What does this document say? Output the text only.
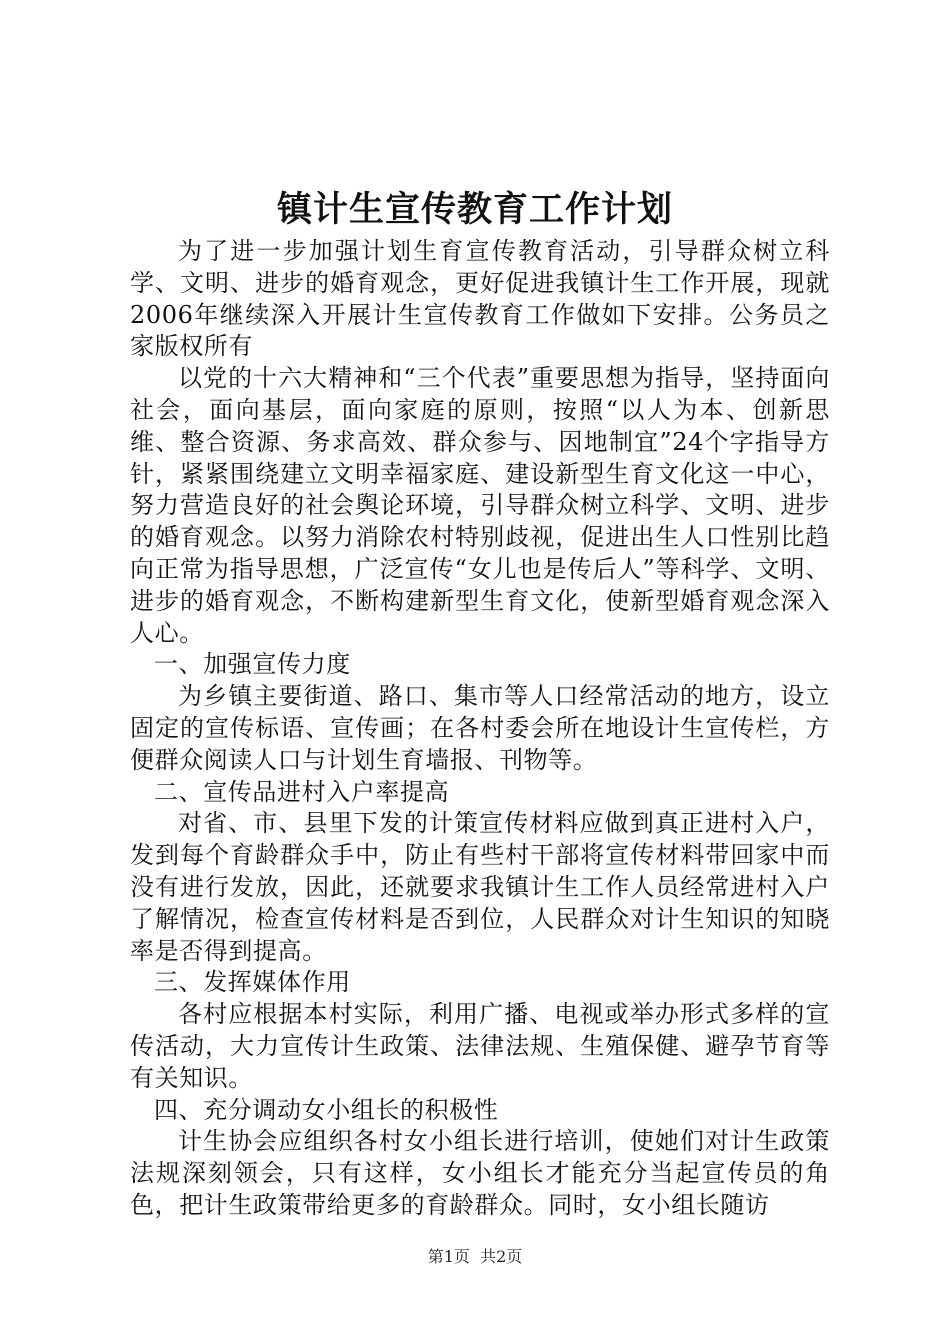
镇计生宣传教育工作计划

为了进一步加强计划生育宣传教育活动，引导群众树立科学、文明、进步的婚育观念，更好促进我镇计生工作开展，现就2006年继续深入开展计生宣传教育工作做如下安排。公务员之家版权所有

以党的十六大精神和“三个代表”重要思想为指导，坚持面向社会，面向基层，面向家庭的原则，按照“以人为本、创新思维、整合资源、务求高效、群众参与、因地制宜”24个字指导方针，紧紧围绕建立文明幸福家庭、建设新型生育文化这一中心，努力营造良好的社会舆论环境，引导群众树立科学、文明、进步的婚育观念。以努力消除农村特别歧视，促进出生人口性别比趋向正常为指导思想，广泛宣传“女儿也是传后人”等科学、文明、进步的婚育观念，不断构建新型生育文化，使新型婚育观念深入人心。

一、加强宣传力度

为乡镇主要街道、路口、集市等人口经常活动的地方，设立固定的宣传标语、宣传画；在各村委会所在地设计生宣传栏，方便群众阅读人口与计划生育墙报、刊物等。

二、宣传品进村入户率提高

对省、市、县里下发的计策宣传材料应做到真正进村入户，发到每个育龄群众手中，防止有些村干部将宣传材料带回家中而没有进行发放，因此，还就要求我镇计生工作人员经常进村入户了解情况，检查宣传材料是否到位，人民群众对计生知识的知晓率是否得到提高。

三、发挥媒体作用

各村应根据本村实际，利用广播、电视或举办形式多样的宣传活动，大力宣传计生政策、法律法规、生殖保健、避孕节育等有关知识。

四、充分调动女小组长的积极性

计生协会应组织各村女小组长进行培训，使她们对计生政策法规深刻领会，只有这样，女小组长才能充分当起宣传员的角色，把计生政策带给更多的育龄群众。同时，女小组长随访

第1页 共2页
